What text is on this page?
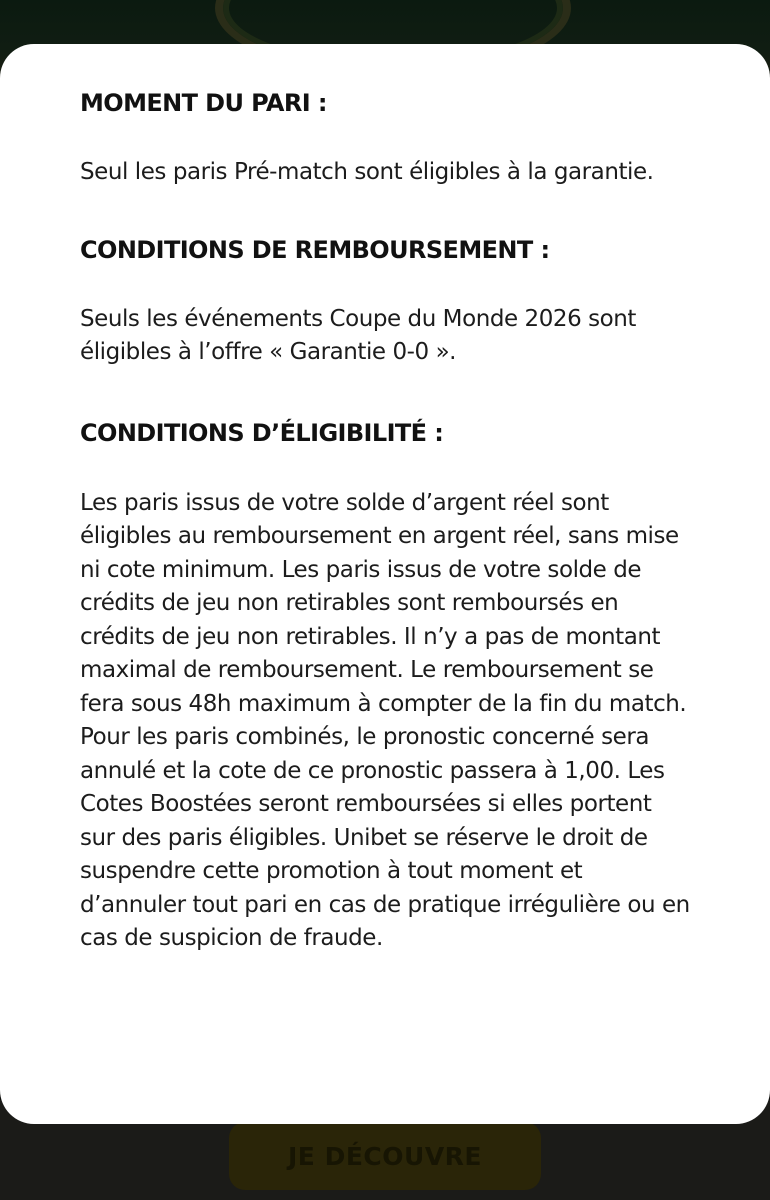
JE DÉCOUVRE
MOMENT DU PARI :

Seul les paris Pré-match sont éligibles à la garantie.

CONDITIONS DE REMBOURSEMENT :

Seuls les événements Coupe du Monde 2026 sont éligibles à l’offre « Garantie 0-0 ».

CONDITIONS D’ÉLIGIBILITÉ :

Les paris issus de votre solde d’argent réel sont éligibles au remboursement en argent réel, sans mise ni cote minimum. Les paris issus de votre solde de crédits de jeu non retirables sont remboursés en crédits de jeu non retirables. Il n’y a pas de montant maximal de remboursement. Le remboursement se fera sous 48h maximum à compter de la fin du match. Pour les paris combinés, le pronostic concerné sera annulé et la cote de ce pronostic passera à 1,00. Les Cotes Boostées seront remboursées si elles portent sur des paris éligibles. Unibet se réserve le droit de suspendre cette promotion à tout moment et d’annuler tout pari en cas de pratique irrégulière ou en cas de suspicion de fraude.
